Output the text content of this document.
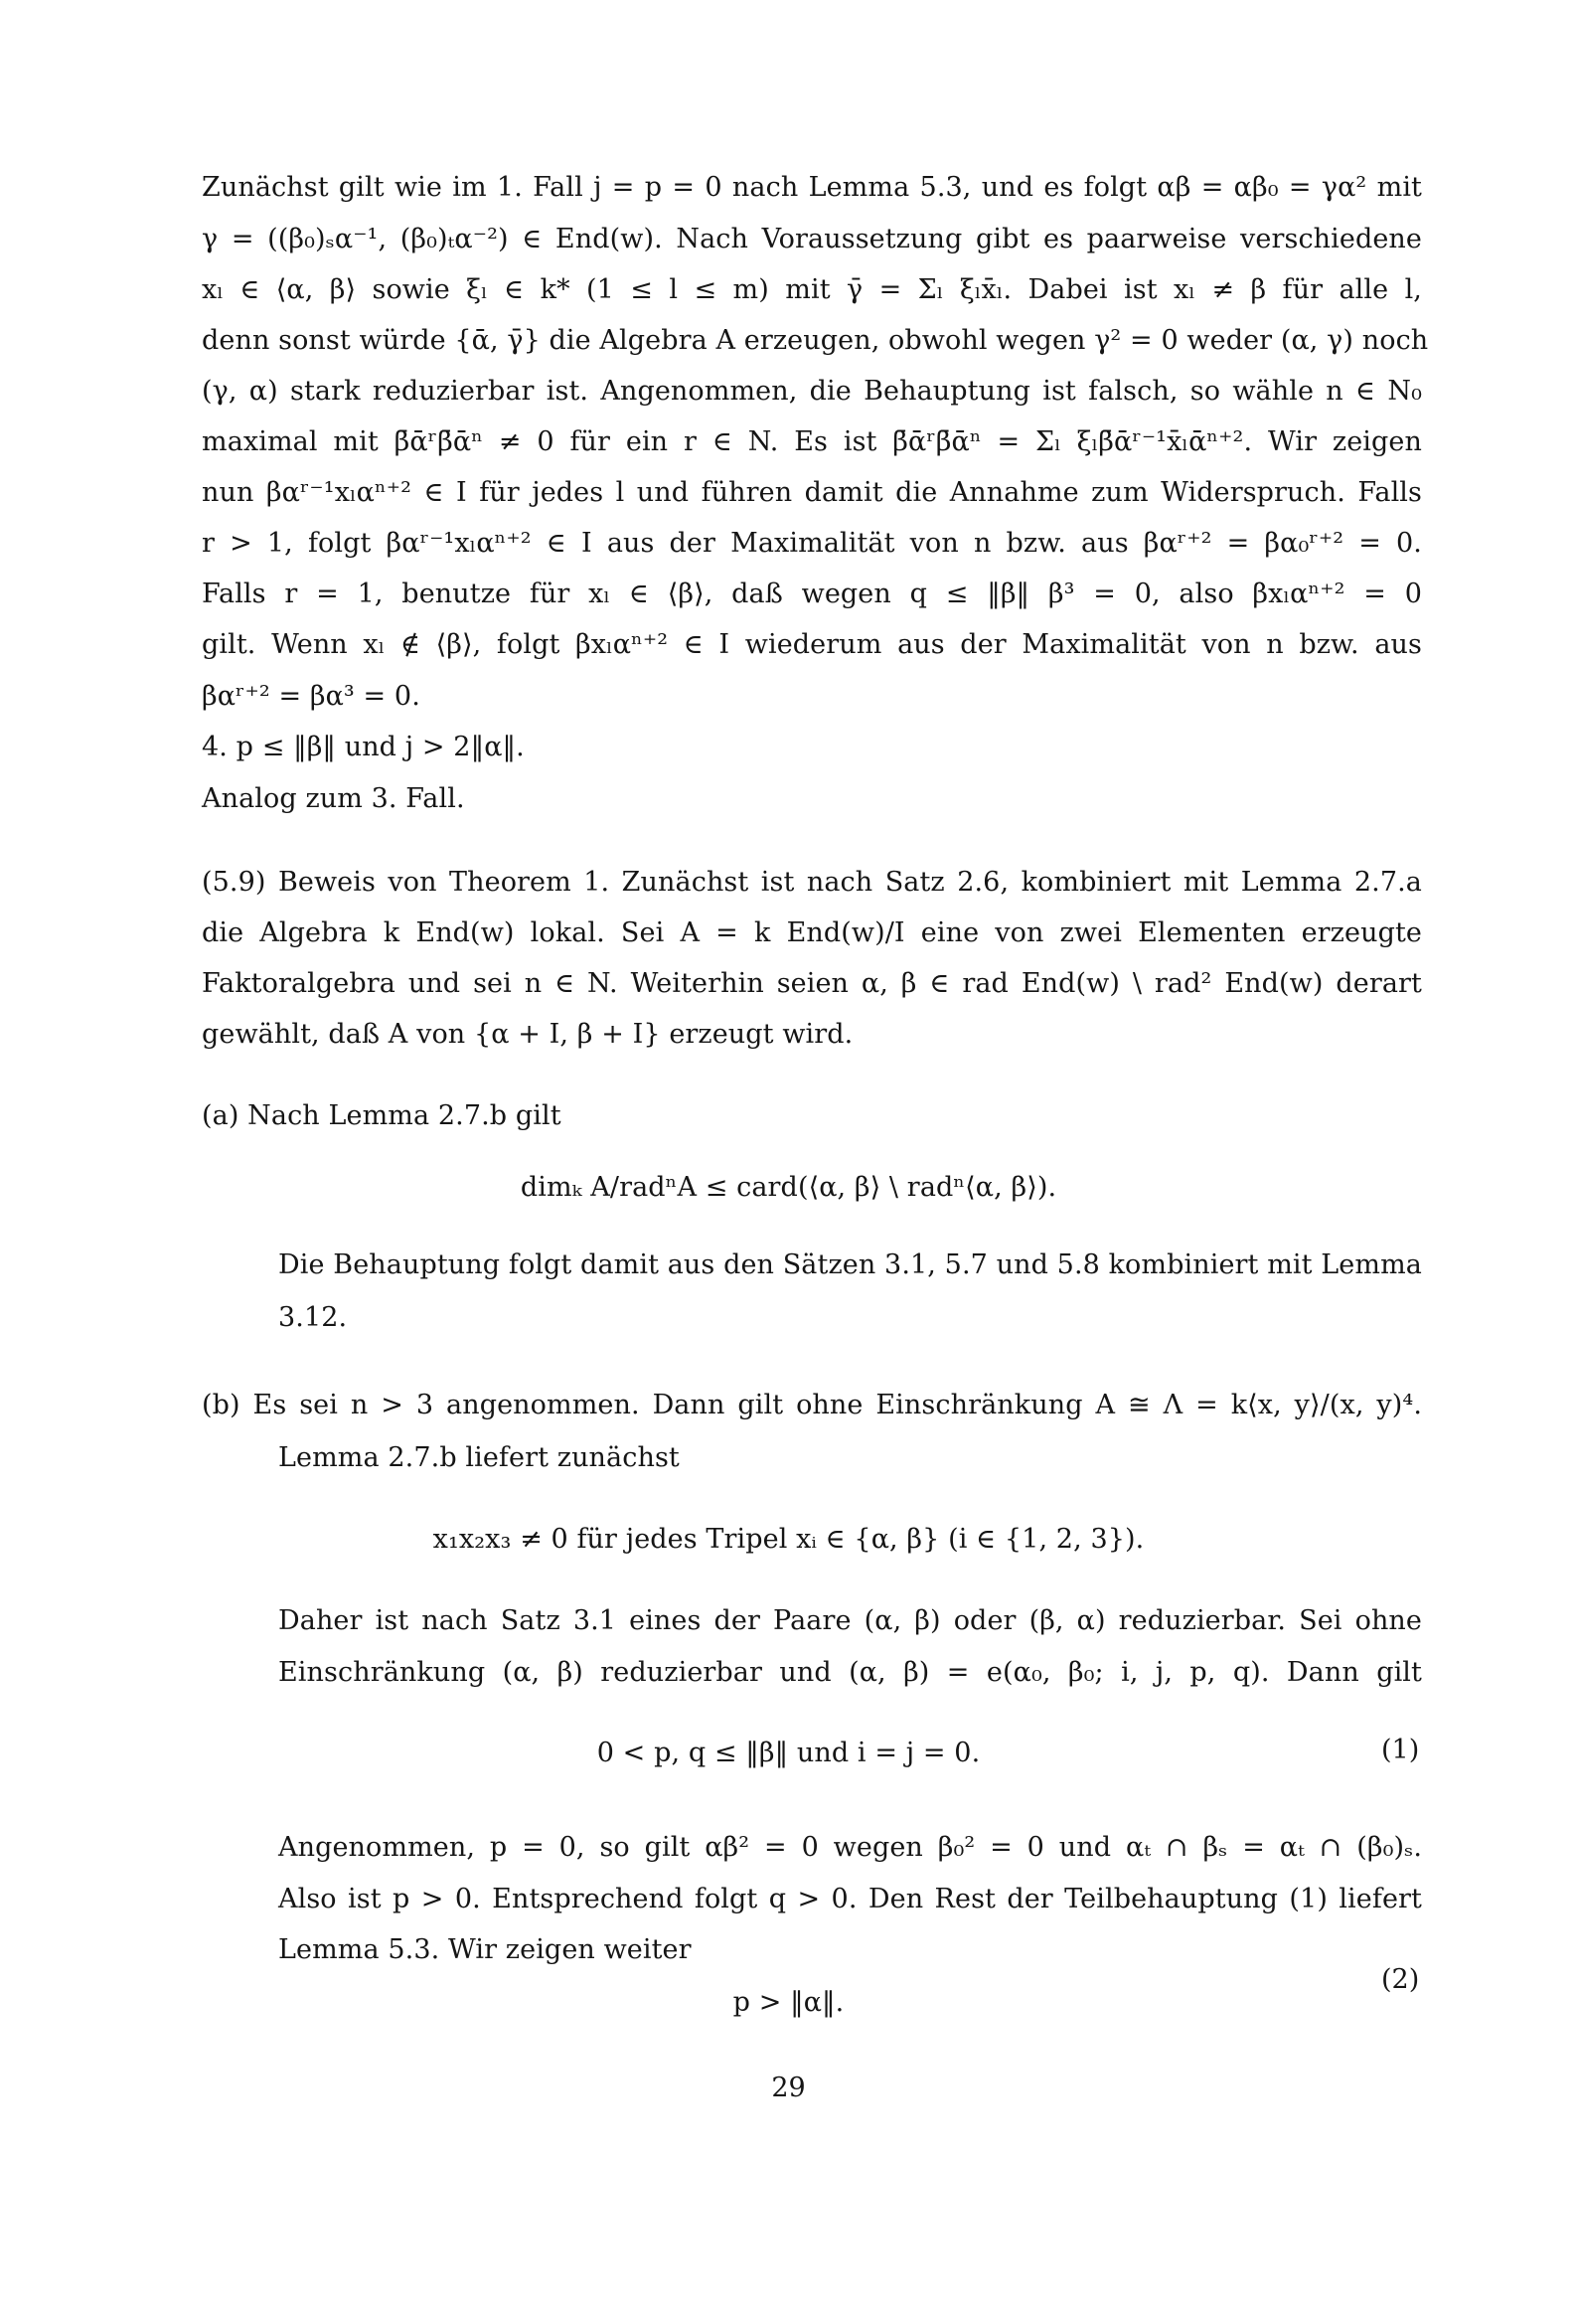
Zunächst gilt wie im 1. Fall j = p = 0 nach Lemma 5.3, und es folgt αβ = αβ₀ = γα² mit
γ = ((β₀)ₛα⁻¹, (β₀)ₜα⁻²) ∈ End(w). Nach Voraussetzung gibt es paarweise verschiedene
xₗ ∈ ⟨α, β⟩ sowie ξₗ ∈ k* (1 ≤ l ≤ m) mit γ̄ = Σₗ ξₗx̄ₗ. Dabei ist xₗ ≠ β für alle l,
denn sonst würde {ᾱ, γ̄} die Algebra A erzeugen, obwohl wegen γ² = 0 weder (α, γ) noch
(γ, α) stark reduzierbar ist. Angenommen, die Behauptung ist falsch, so wähle n ∈ N₀
maximal mit β̄ᾱʳβ̄ᾱⁿ ≠ 0 für ein r ∈ N. Es ist β̄ᾱʳβ̄ᾱⁿ = Σₗ ξₗβ̄ᾱʳ⁻¹x̄ₗᾱⁿ⁺². Wir zeigen
nun βαʳ⁻¹xₗαⁿ⁺² ∈ I für jedes l und führen damit die Annahme zum Widerspruch. Falls
r > 1, folgt βαʳ⁻¹xₗαⁿ⁺² ∈ I aus der Maximalität von n bzw. aus βαʳ⁺² = βα₀ʳ⁺² = 0.
Falls r = 1, benutze für xₗ ∈ ⟨β⟩, daß wegen q ≤ ‖β‖ β³ = 0, also βxₗαⁿ⁺² = 0
gilt. Wenn xₗ ∉ ⟨β⟩, folgt βxₗαⁿ⁺² ∈ I wiederum aus der Maximalität von n bzw. aus
βαʳ⁺² = βα³ = 0.
4. p ≤ ‖β‖ und j > 2‖α‖.
Analog zum 3. Fall.
(5.9) Beweis von Theorem 1. Zunächst ist nach Satz 2.6, kombiniert mit Lemma 2.7.a
die Algebra k End(w) lokal. Sei A = k End(w)/I eine von zwei Elementen erzeugte
Faktoralgebra und sei n ∈ N. Weiterhin seien α, β ∈ rad End(w) \ rad² End(w) derart
gewählt, daß A von {α + I, β + I} erzeugt wird.
(a) Nach Lemma 2.7.b gilt
dimₖ A/radⁿA ≤ card(⟨α, β⟩ \ radⁿ⟨α, β⟩).
Die Behauptung folgt damit aus den Sätzen 3.1, 5.7 und 5.8 kombiniert mit Lemma
3.12.
(b) Es sei n > 3 angenommen. Dann gilt ohne Einschränkung A ≅ Λ = k⟨x, y⟩/(x, y)⁴.
Lemma 2.7.b liefert zunächst
x₁x₂x₃ ≠ 0 für jedes Tripel xᵢ ∈ {α, β} (i ∈ {1, 2, 3}).
Daher ist nach Satz 3.1 eines der Paare (α, β) oder (β, α) reduzierbar. Sei ohne
Einschränkung (α, β) reduzierbar und (α, β) = e(α₀, β₀; i, j, p, q). Dann gilt
0 < p, q ≤ ‖β‖ und i = j = 0.	(1)
Angenommen, p = 0, so gilt αβ² = 0 wegen β₀² = 0 und αₜ ∩ βₛ = αₜ ∩ (β₀)ₛ.
Also ist p > 0. Entsprechend folgt q > 0. Den Rest der Teilbehauptung (1) liefert
Lemma 5.3. Wir zeigen weiter
p > ‖α‖.
(2)
29
